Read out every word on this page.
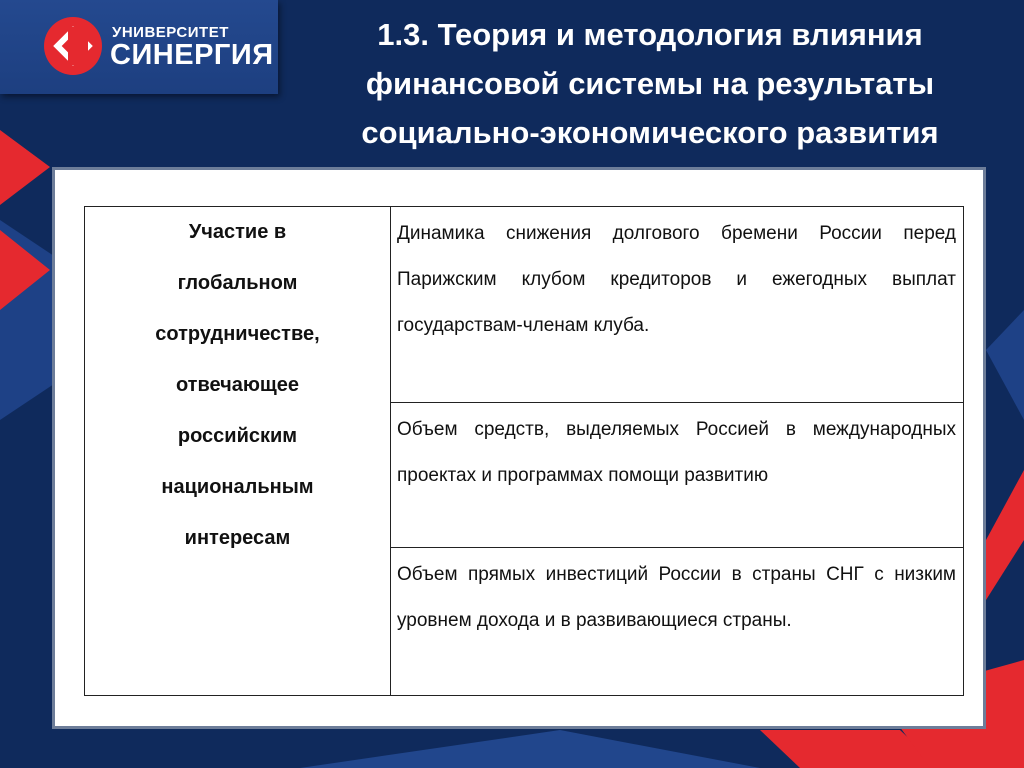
УНИВЕРСИТЕТ
СИНЕРГИЯ
1.3. Теория и методология влияния
финансовой системы на результаты
социально-экономического развития
Участие в
глобальном
сотрудничестве,
отвечающее
российским
национальным
интересам
	Динамика снижения долгового бремени России перед Парижским клубом кредиторов и ежегодных выплат государствам-членам клуба.
Объем средств, выделяемых Россией в международных проектах и программах помощи развитию
Объем прямых инвестиций России в страны СНГ с низким уровнем дохода и в развивающиеся страны.
